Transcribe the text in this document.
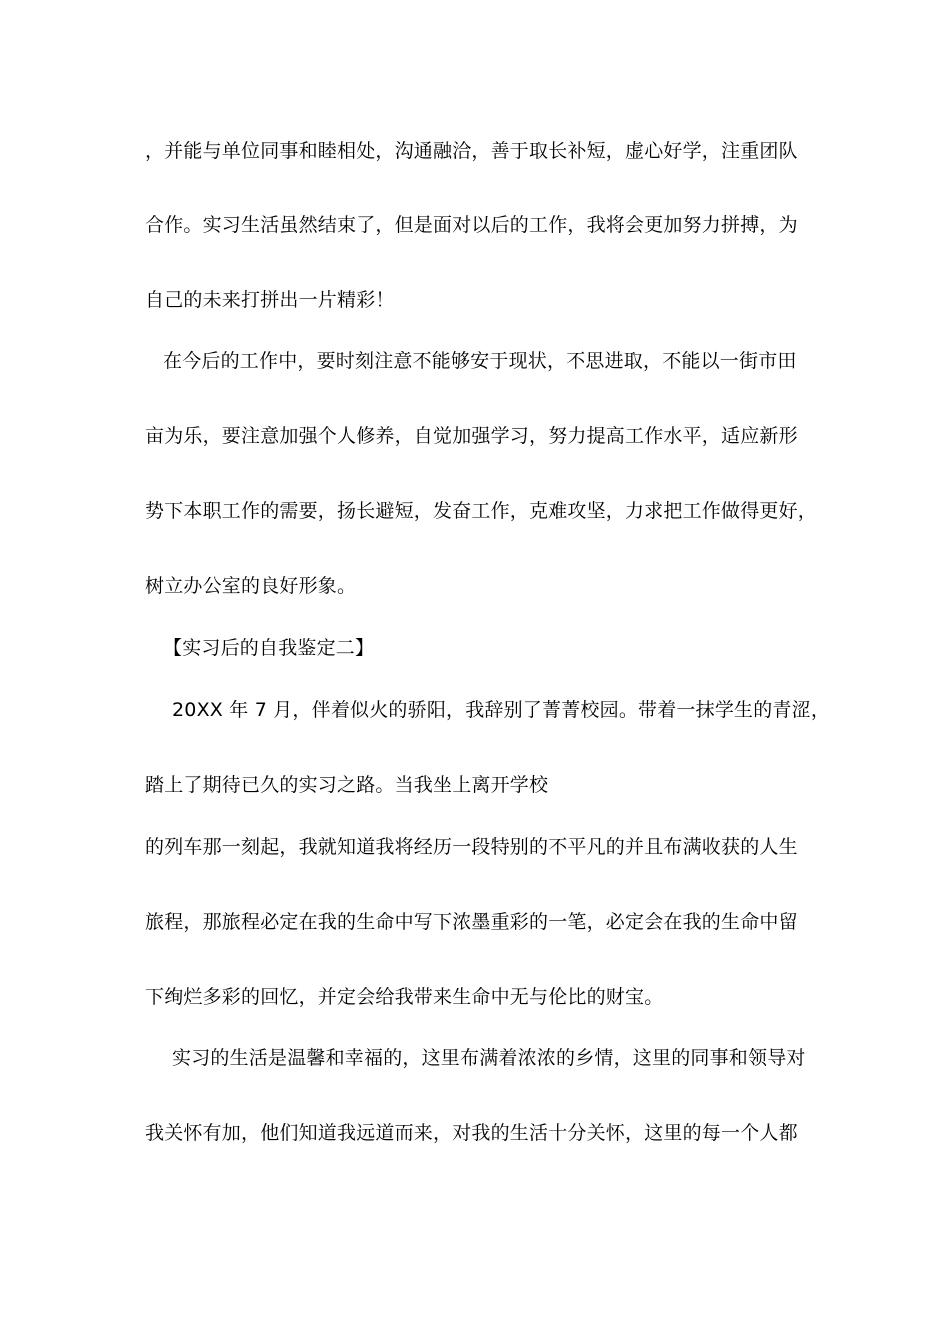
，并能与单位同事和睦相处，沟通融洽，善于取长补短，虚心好学，注重团队
合作。实习生活虽然结束了，但是面对以后的工作，我将会更加努力拼搏，为
自己的未来打拼出一片精彩！
在今后的工作中，要时刻注意不能够安于现状，不思进取，不能以一街市田
亩为乐，要注意加强个人修养，自觉加强学习，努力提高工作水平，适应新形
势下本职工作的需要，扬长避短，发奋工作，克难攻坚，力求把工作做得更好，
树立办公室的良好形象。
【实习后的自我鉴定二】
20XX 年 7 月，伴着似火的骄阳，我辞别了菁菁校园。带着一抹学生的青涩，
踏上了期待已久的实习之路。当我坐上离开学校
的列车那一刻起，我就知道我将经历一段特别的不平凡的并且布满收获的人生
旅程，那旅程必定在我的生命中写下浓墨重彩的一笔，必定会在我的生命中留
下绚烂多彩的回忆，并定会给我带来生命中无与伦比的财宝。
实习的生活是温馨和幸福的，这里布满着浓浓的乡情，这里的同事和领导对
我关怀有加，他们知道我远道而来，对我的生活十分关怀，这里的每一个人都
